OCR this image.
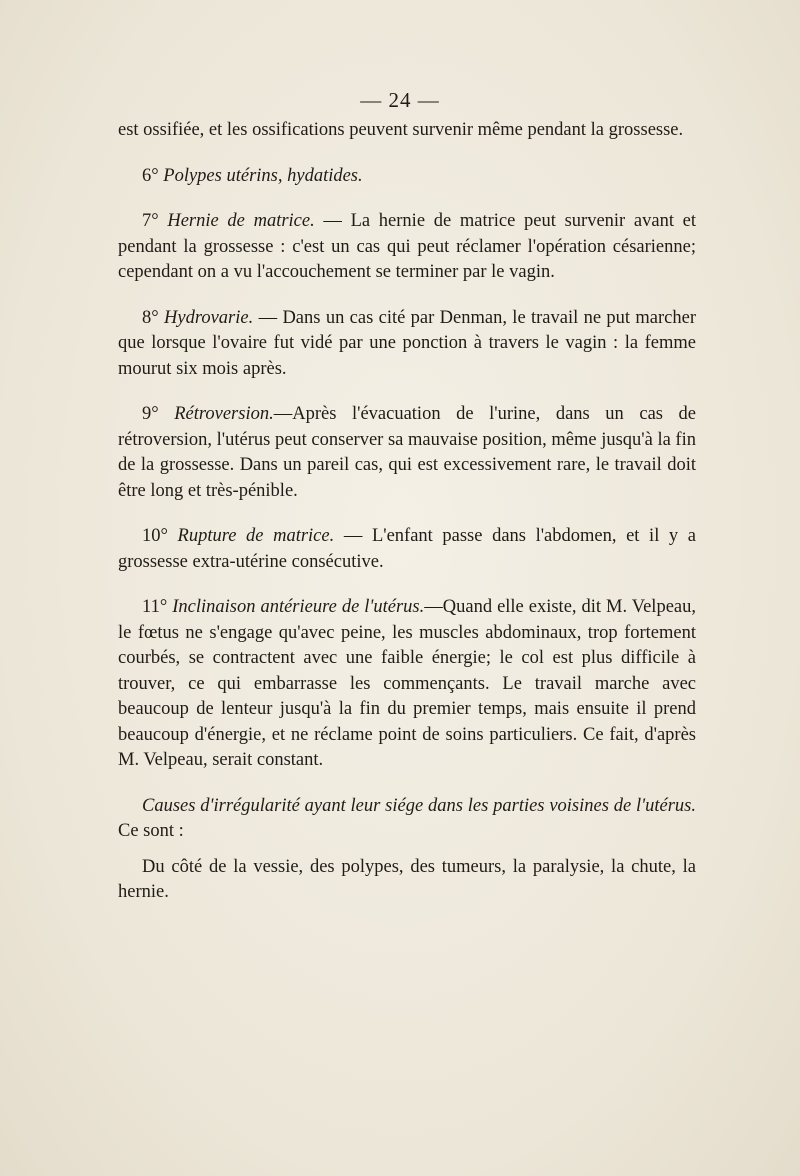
— 24 —

est ossifiée, et les ossifications peuvent survenir même pendant la grossesse.

6° Polypes utérins, hydatides.

7° Hernie de matrice. — La hernie de matrice peut survenir avant et pendant la grossesse : c'est un cas qui peut réclamer l'opération césarienne; cependant on a vu l'accouchement se terminer par le vagin.

8° Hydrovarie. — Dans un cas cité par Denman, le travail ne put marcher que lorsque l'ovaire fut vidé par une ponction à travers le vagin : la femme mourut six mois après.

9° Rétroversion.—Après l'évacuation de l'urine, dans un cas de rétroversion, l'utérus peut conserver sa mauvaise position, même jusqu'à la fin de la grossesse. Dans un pareil cas, qui est excessivement rare, le travail doit être long et très-pénible.

10° Rupture de matrice. — L'enfant passe dans l'abdomen, et il y a grossesse extra-utérine consécutive.

11° Inclinaison antérieure de l'utérus.—Quand elle existe, dit M. Velpeau, le fœtus ne s'engage qu'avec peine, les muscles abdominaux, trop fortement courbés, se contractent avec une faible énergie; le col est plus difficile à trouver, ce qui embarrasse les commençants. Le travail marche avec beaucoup de lenteur jusqu'à la fin du premier temps, mais ensuite il prend beaucoup d'énergie, et ne réclame point de soins particuliers. Ce fait, d'après M. Velpeau, serait constant.

Causes d'irrégularité ayant leur siége dans les parties voisines de l'utérus. Ce sont :

Du côté de la vessie, des polypes, des tumeurs, la paralysie, la chute, la hernie.
